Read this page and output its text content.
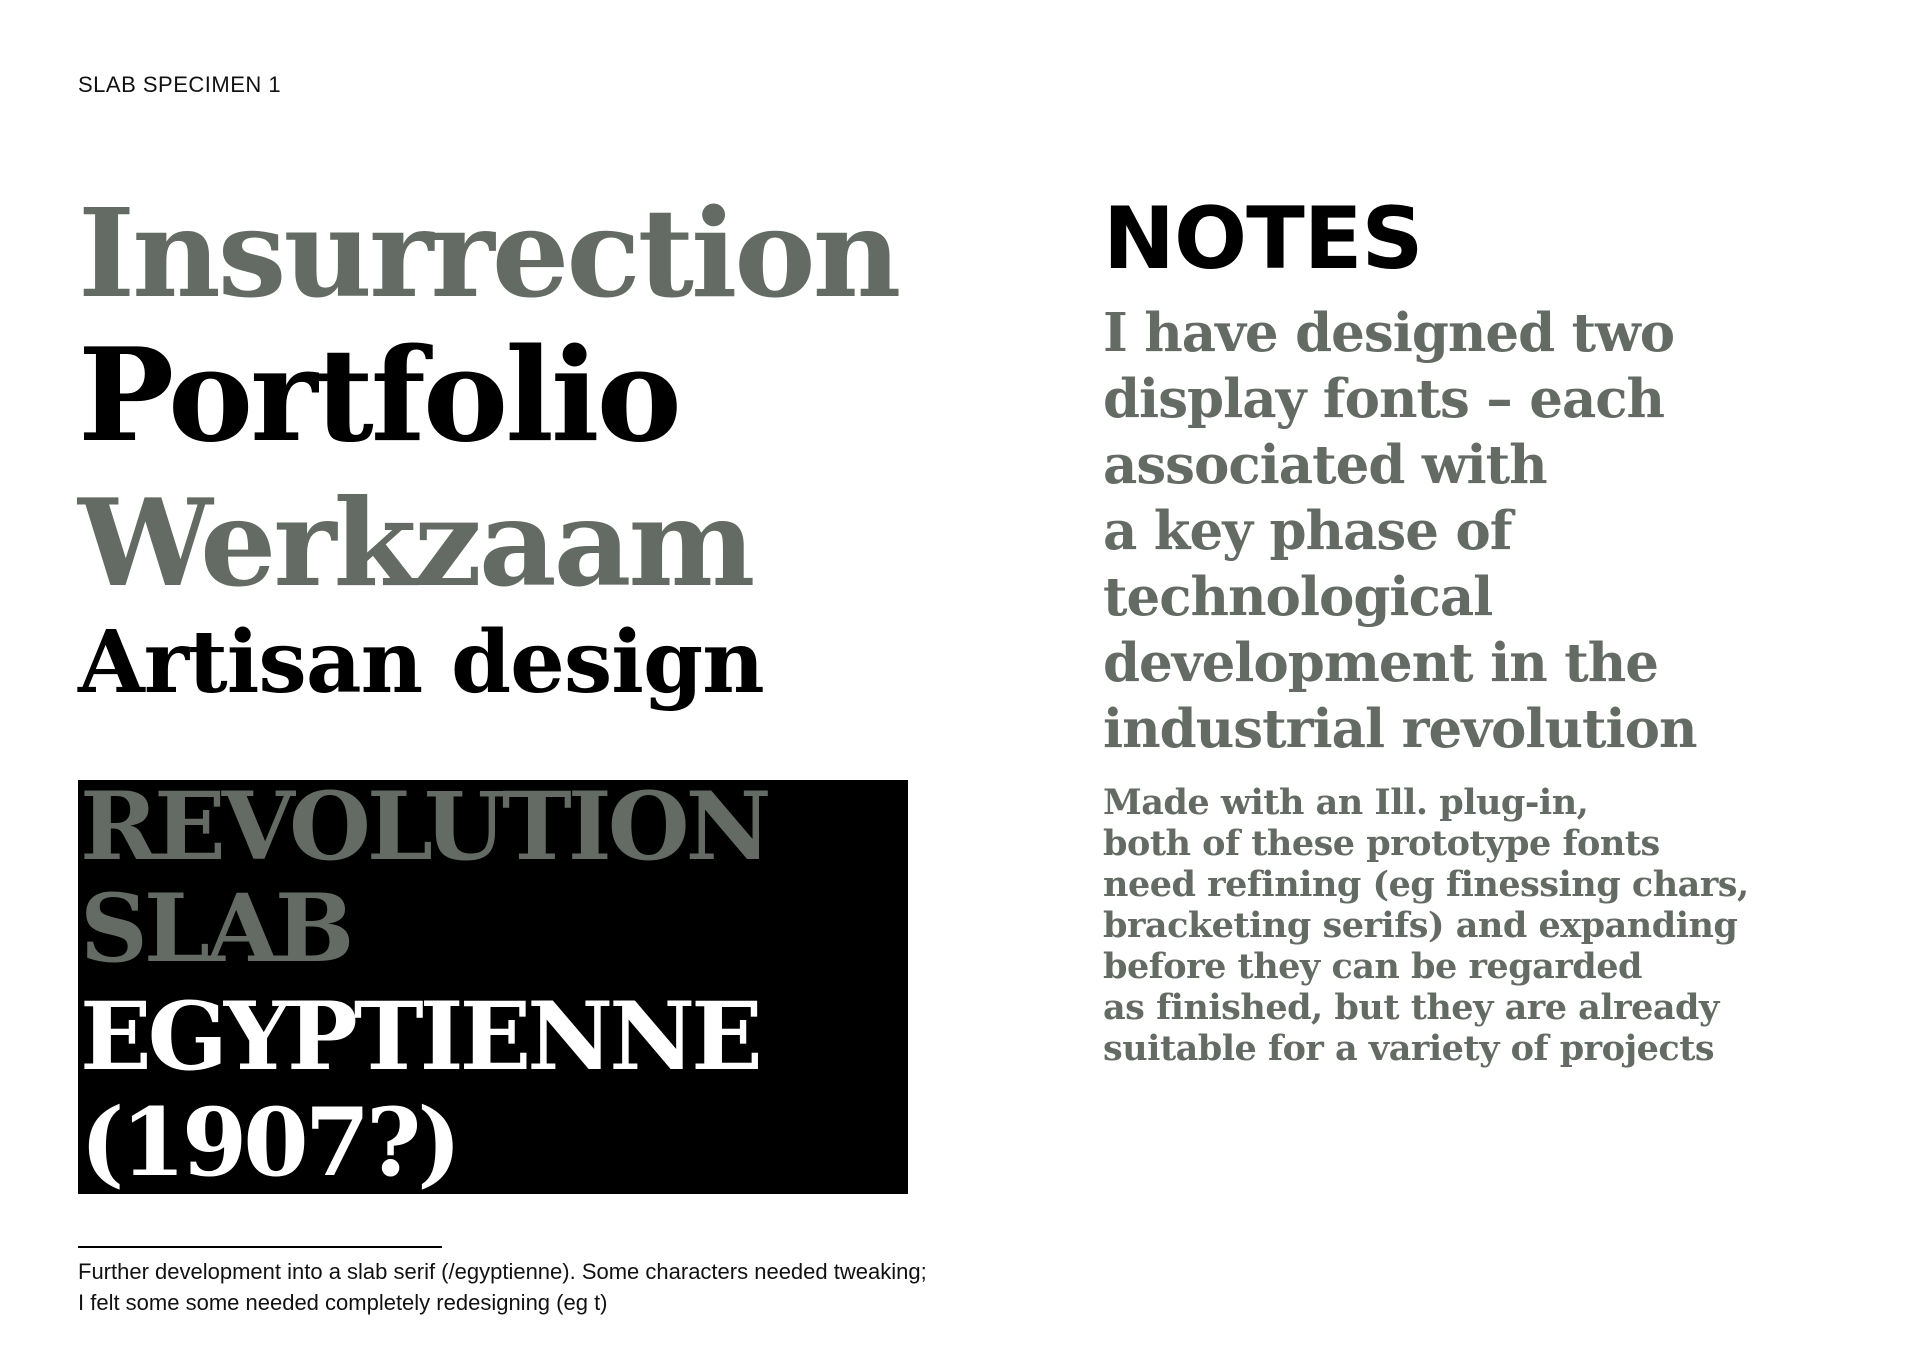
SLAB SPECIMEN 1
Insurrection
Portfolio
Werkzaam
Artisan design
REVOLUTION
SLAB
EGYPTIENNE
(1907?)
Further development into a slab serif (/egyptienne). Some characters needed tweaking;
I felt some some needed completely redesigning (eg t)
NOTES
I have designed two
display fonts – each
associated with
a key phase of
technological
development in the
industrial revolution
Made with an Ill. plug-in,
both of these prototype fonts
need refining (eg finessing chars,
bracketing serifs) and expanding
before they can be regarded
as finished, but they are already
suitable for a variety of projects
